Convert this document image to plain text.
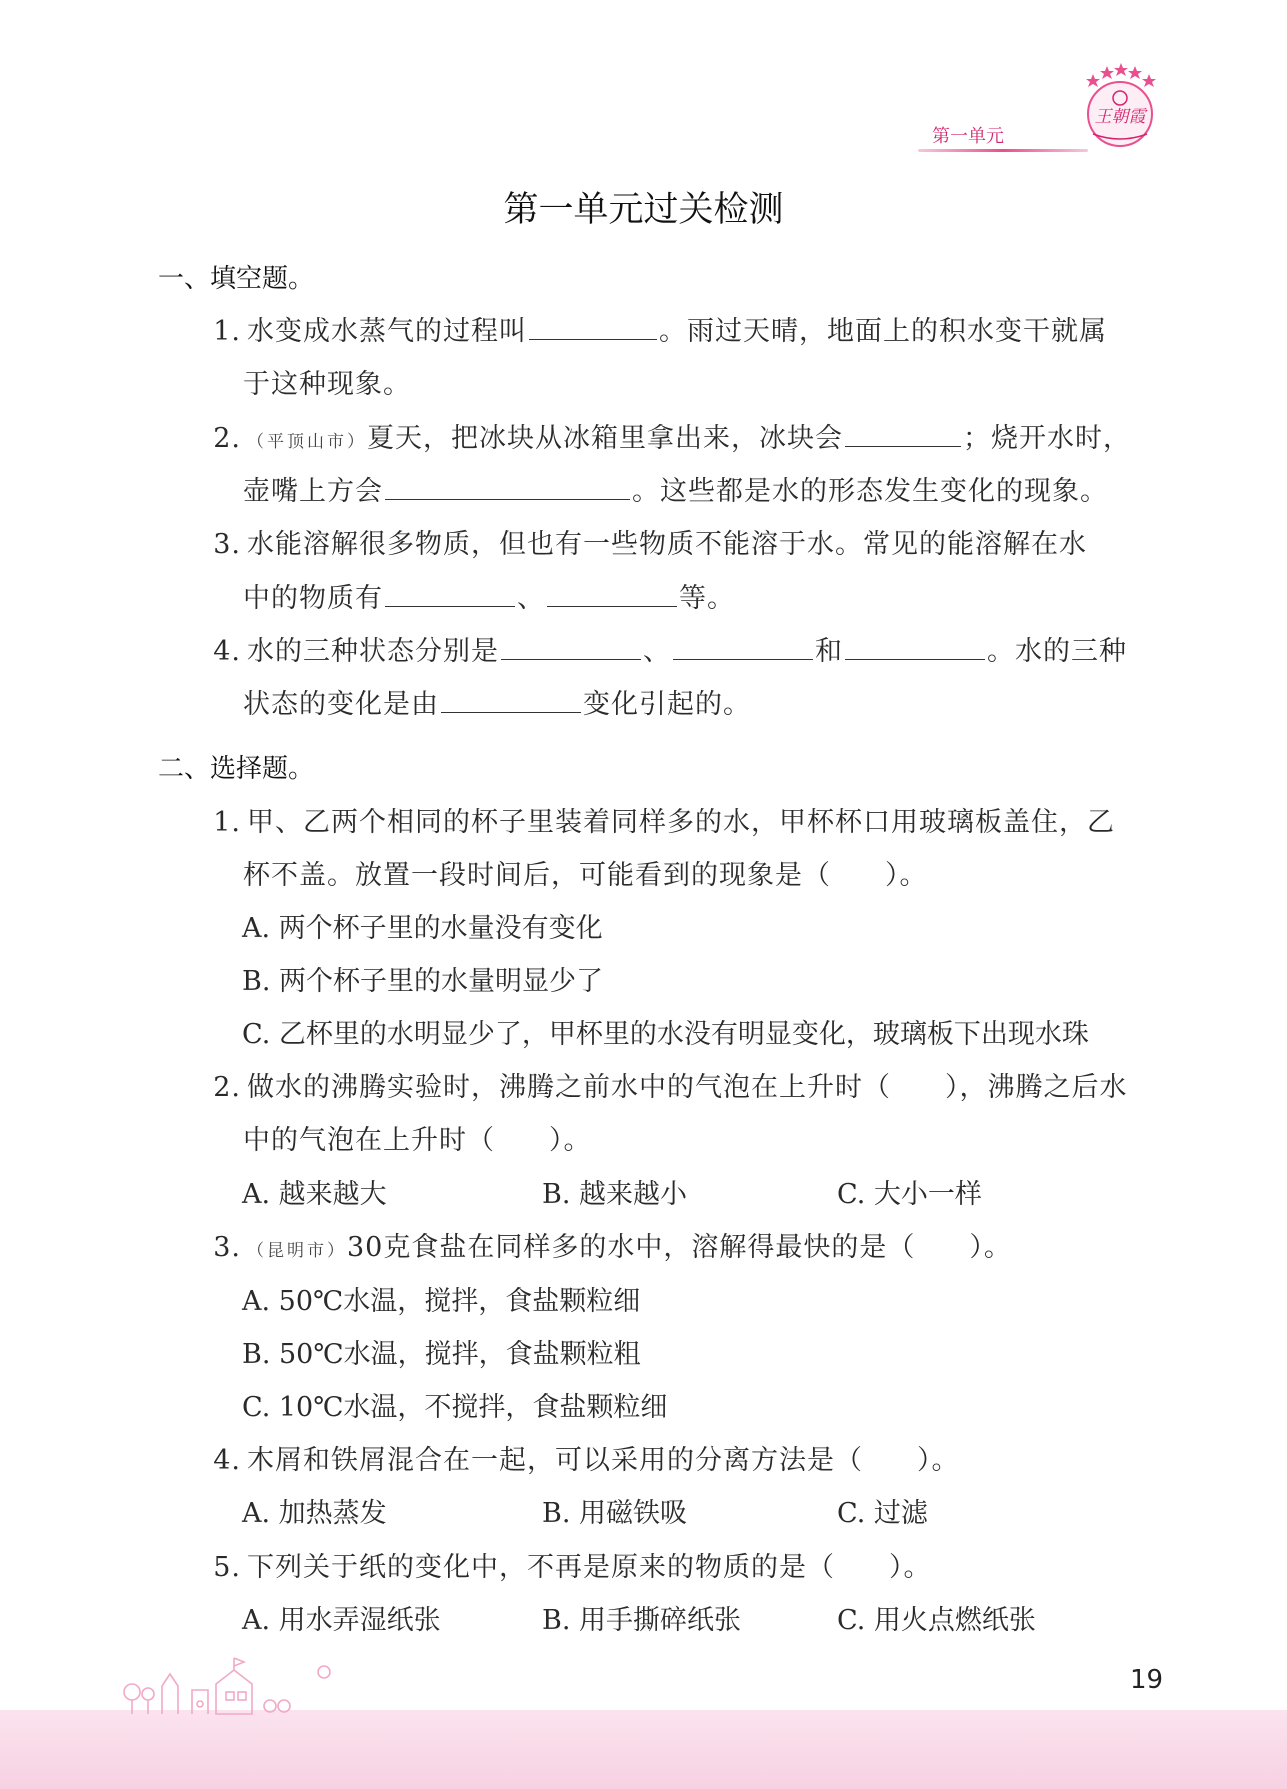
第一单元
王朝霞
第一单元过关检测
一、填空题。
1. 水变成水蒸气的过程叫	。雨过天晴，地面上的积水变干就属
于这种现象。
2. （平顶山市）夏天，把冰块从冰箱里拿出来，冰块会	；烧开水时，
壶嘴上方会	。这些都是水的形态发生变化的现象。
3. 水能溶解很多物质，但也有一些物质不能溶于水。常见的能溶解在水
中的物质有	、	等。
4. 水的三种状态分别是	、	和	。水的三种
状态的变化是由	变化引起的。
二、选择题。
1. 甲、乙两个相同的杯子里装着同样多的水，甲杯杯口用玻璃板盖住，乙
杯不盖。放置一段时间后，可能看到的现象是（ ）。
A. 两个杯子里的水量没有变化
B. 两个杯子里的水量明显少了
C. 乙杯里的水明显少了，甲杯里的水没有明显变化，玻璃板下出现水珠
2. 做水的沸腾实验时，沸腾之前水中的气泡在上升时（ ），沸腾之后水
中的气泡在上升时（ ）。
A. 越来越大	B. 越来越小	C. 大小一样
3. （昆明市）30克食盐在同样多的水中，溶解得最快的是（ ）。
A. 50℃水温，搅拌，食盐颗粒细
B. 50℃水温，搅拌，食盐颗粒粗
C. 10℃水温，不搅拌，食盐颗粒细
4. 木屑和铁屑混合在一起，可以采用的分离方法是（ ）。
A. 加热蒸发	B. 用磁铁吸	C. 过滤
5. 下列关于纸的变化中，不再是原来的物质的是（ ）。
A. 用水弄湿纸张	B. 用手撕碎纸张	C. 用火点燃纸张
19
